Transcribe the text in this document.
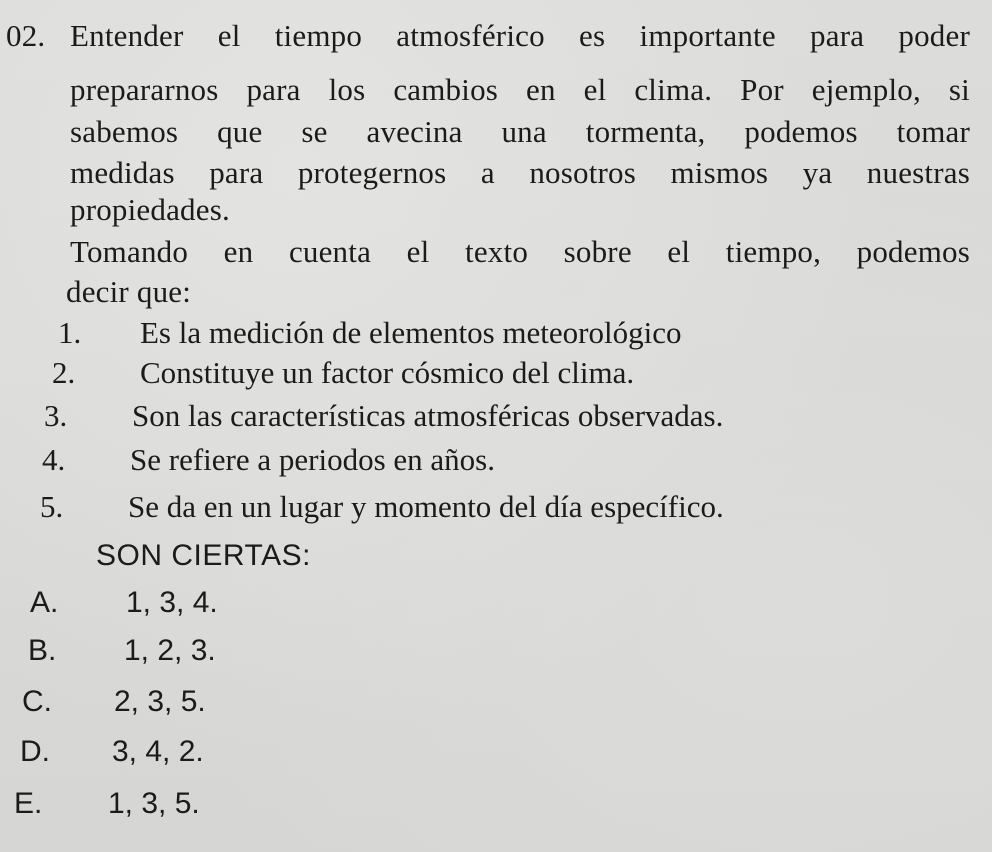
02. Entender el tiempo atmosférico es importante para poder
prepararnos para los cambios en el clima. Por ejemplo, si
sabemos que se avecina una tormenta, podemos tomar
medidas para protegernos a nosotros mismos ya nuestras
propiedades.
Tomando en cuenta el texto sobre el tiempo, podemos
decir que:
1. Es la medición de elementos meteorológico
2. Constituye un factor cósmico del clima.
3. Son las características atmosféricas observadas.
4. Se refiere a periodos en años.
5. Se da en un lugar y momento del día específico.
SON CIERTAS:
A. 1, 3, 4.
B. 1, 2, 3.
C. 2, 3, 5.
D. 3, 4, 2.
E. 1, 3, 5.
